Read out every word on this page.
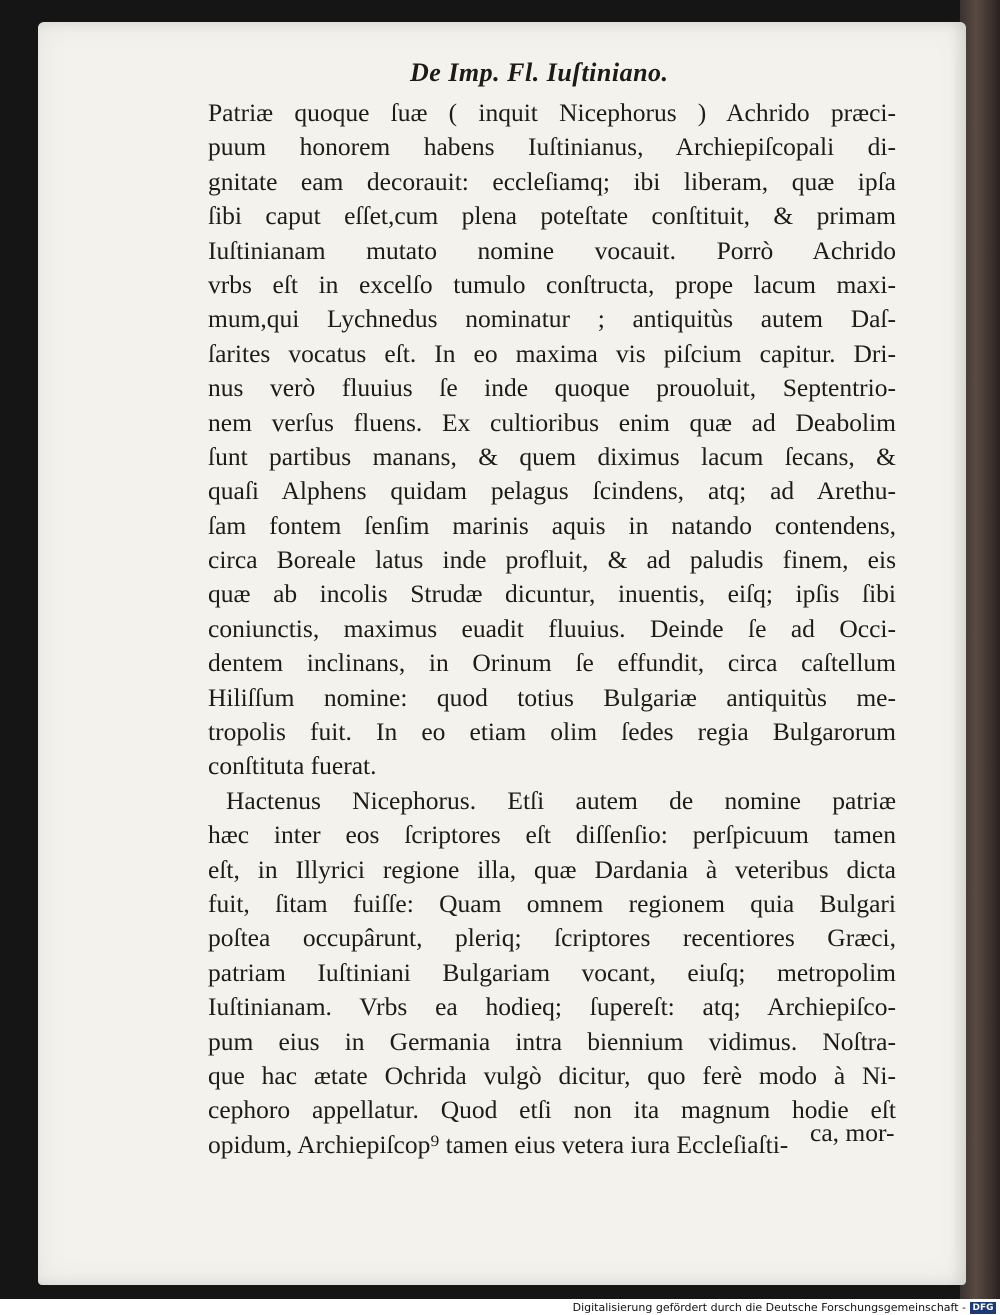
De Imp. Fl. Iuſtiniano.
Patriæ quoque ſuæ ( inquit Nicephorus ) Achrido præci-
puum honorem habens Iuſtinianus, Archiepiſcopali di-
gnitate eam decorauit: eccleſiamq; ibi liberam, quæ ipſa
ſibi caput eſſet,cum plena poteſtate conſtituit, & primam
Iuſtinianam mutato nomine vocauit. Porrò Achrido
vrbs eſt in excelſo tumulo conſtructa, prope lacum maxi-
mum,qui Lychnedus nominatur ; antiquitùs autem Daſ-
ſarites vocatus eſt. In eo maxima vis piſcium capitur. Dri-
nus verò fluuius ſe inde quoque prouoluit, Septentrio-
nem verſus fluens. Ex cultioribus enim quæ ad Deabolim
ſunt partibus manans, & quem diximus lacum ſecans, &
quaſi Alphens quidam pelagus ſcindens, atq; ad Arethu-
ſam fontem ſenſim marinis aquis in natando contendens,
circa Boreale latus inde profluit, & ad paludis finem, eis
quæ ab incolis Strudæ dicuntur, inuentis, eiſq; ipſis ſibi
coniunctis, maximus euadit fluuius. Deinde ſe ad Occi-
dentem inclinans, in Orinum ſe effundit, circa caſtellum
Hiliſſum nomine: quod totius Bulgariæ antiquitùs me-
tropolis fuit. In eo etiam olim ſedes regia Bulgarorum
conſtituta fuerat.
Hactenus Nicephorus. Etſi autem de nomine patriæ
hæc inter eos ſcriptores eſt diſſenſio: perſpicuum tamen
eſt, in Illyrici regione illa, quæ Dardania à veteribus dicta
fuit, ſitam fuiſſe: Quam omnem regionem quia Bulgari
poſtea occupârunt, pleriq; ſcriptores recentiores Græci,
patriam Iuſtiniani Bulgariam vocant, eiuſq; metropolim
Iuſtinianam. Vrbs ea hodieq; ſupereſt: atq; Archiepiſco-
pum eius in Germania intra biennium vidimus. Noſtra-
que hac ætate Ochrida vulgò dicitur, quo ferè modo à Ni-
cephoro appellatur. Quod etſi non ita magnum hodie eſt
opidum, Archiepiſcop⁹ tamen eius vetera iura Eccleſiaſti- ca, mor-
Digitalisierung gefördert durch die Deutsche Forschungsgemeinschaft - DFG
